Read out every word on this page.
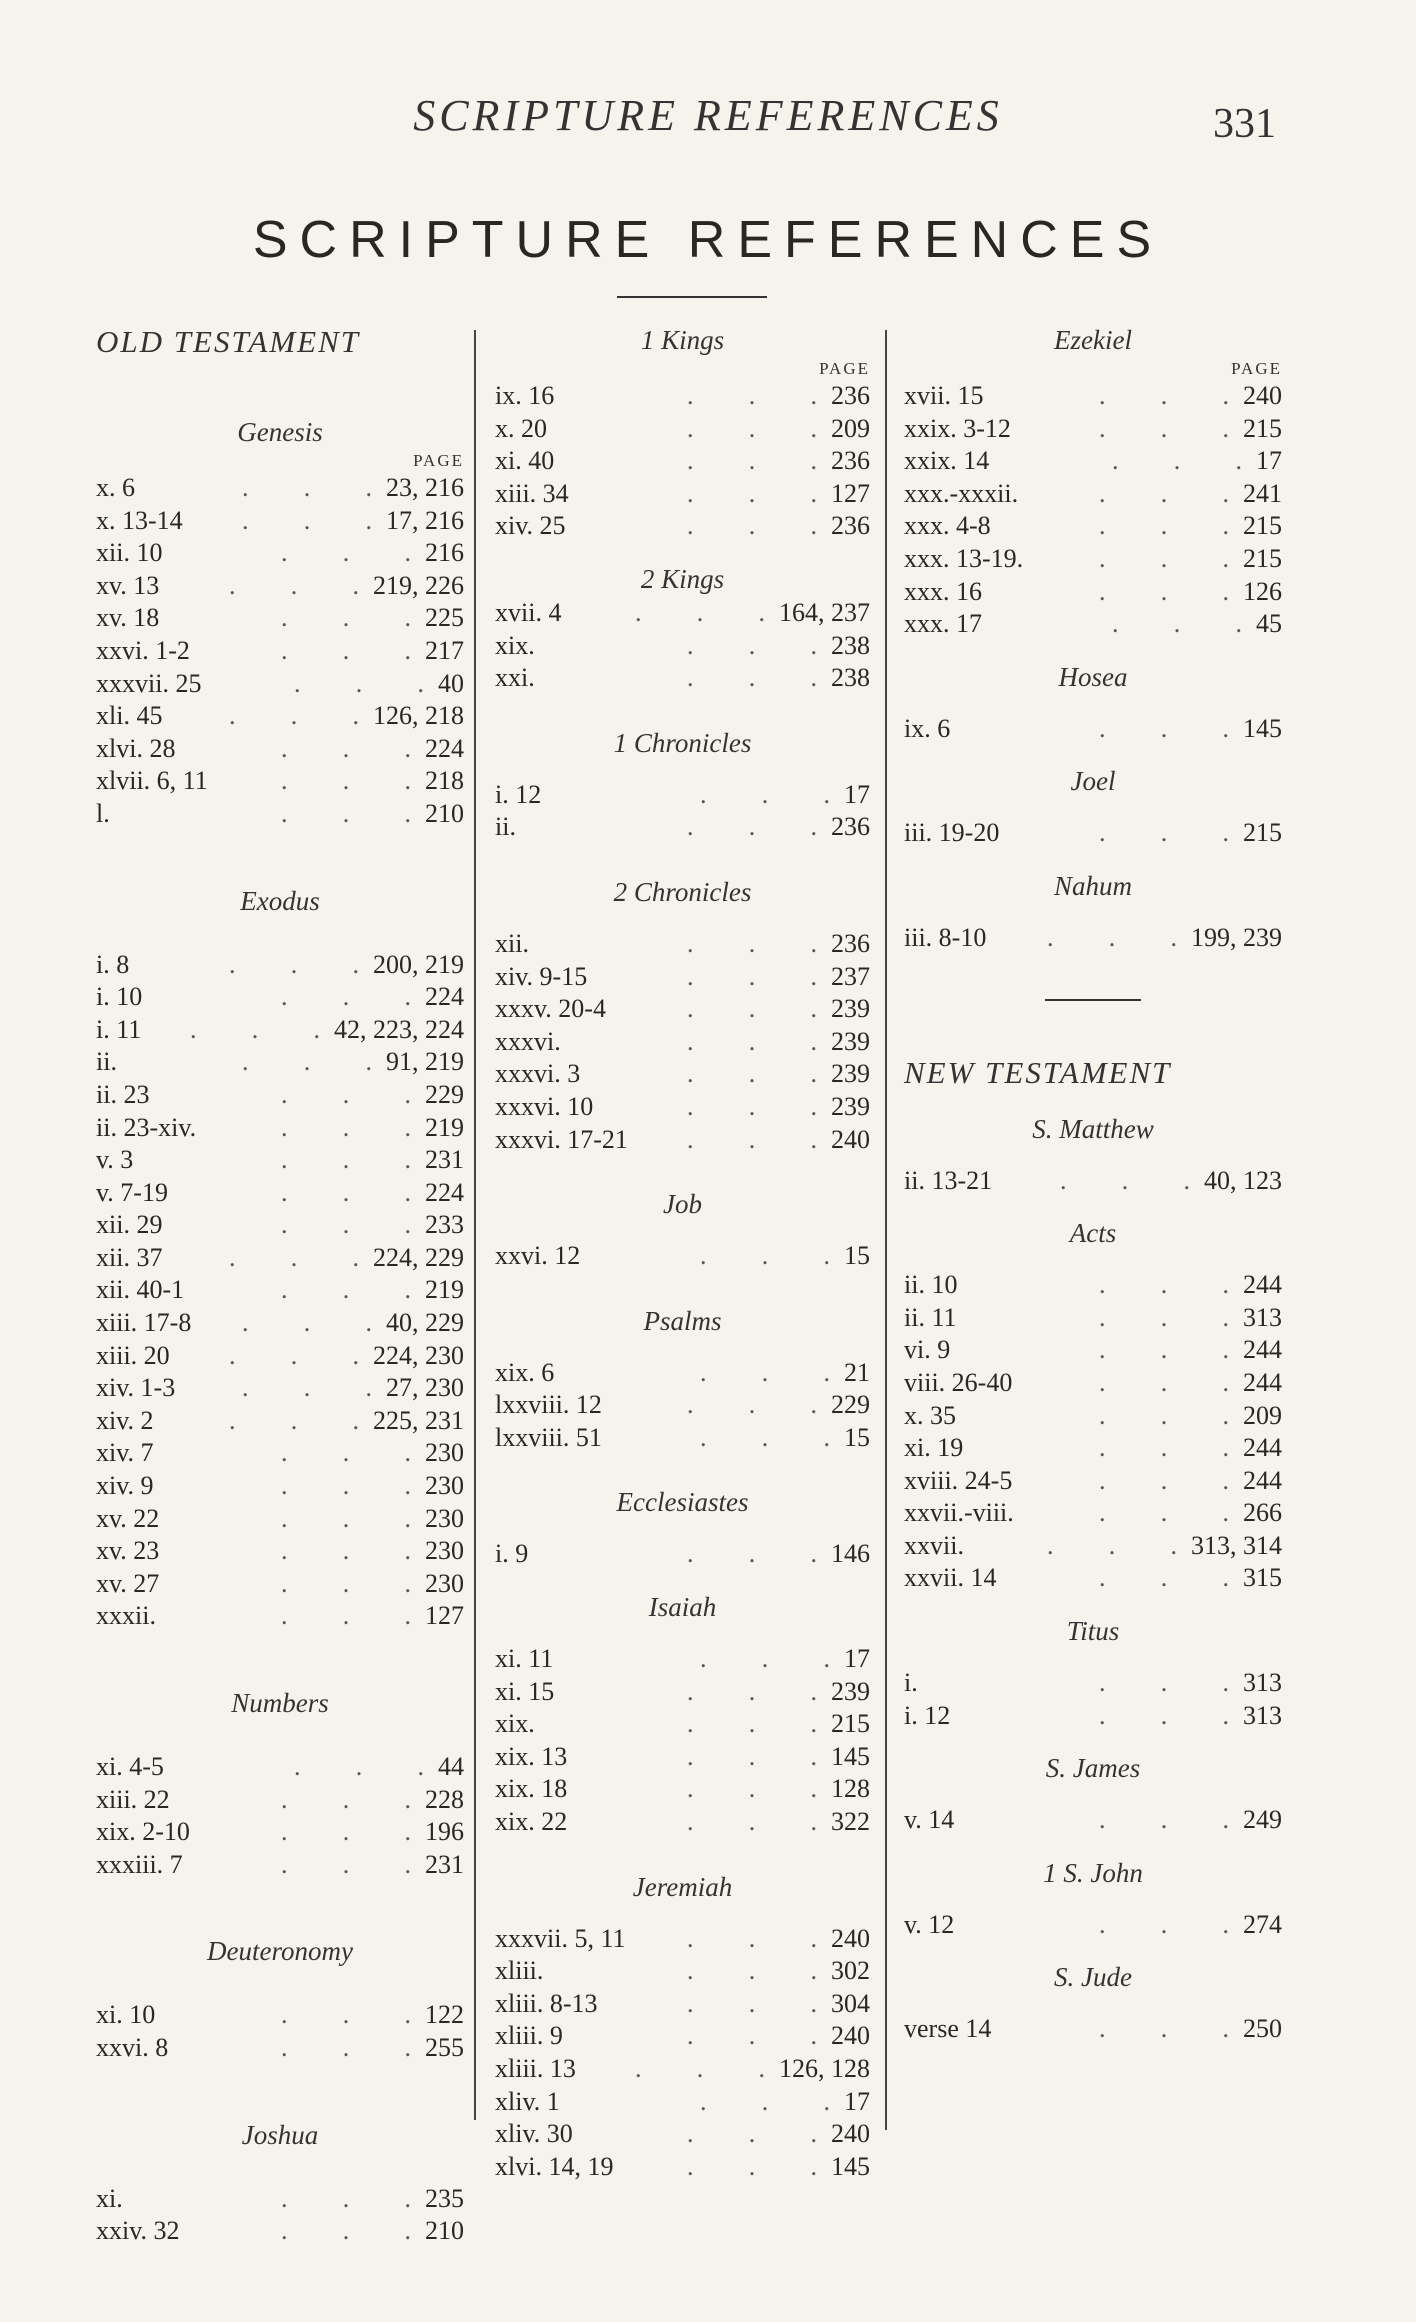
SCRIPTURE REFERENCES	331
SCRIPTURE REFERENCES
OLD TESTAMENT
Genesis
PAGE
x. 6	. . . 23, 216
x. 13-14 . . . 17, 216
xii. 10	. . . 216
xv. 13	. . . 219, 226
xv. 18	. . . 225
xxvi. 1-2	. . . 217
xxxvii. 25	. . . 40
xli. 45	. . . 126, 218
xlvi. 28	. . . 224
xlvii. 6, 11	. . . 218
l.	. . . 210
Exodus
i. 8	. . . 200, 219
i. 10	. . . 224
i. 11 . . . 42, 223, 224
ii.	. . . 91, 219
ii. 23	. . . 229
ii. 23-xiv.	. . . 219
v. 3	. . . 231
v. 7-19	. . . 224
xii. 29	. . . 233
xii. 37	. . . 224, 229
xii. 40-1	. . . 219
xiii. 17-8 . . . 40, 229
xiii. 20 . . . 224, 230
xiv. 1-3	. . . 27, 230
xiv. 2	. . . 225, 231
xiv. 7	. . . 230
xiv. 9	. . . 230
xv. 22	. . . 230
xv. 23	. . . 230
xv. 27	. . . 230
xxxii.	. . . 127
Numbers
xi. 4-5	. . . 44
xiii. 22	. . . 228
xix. 2-10	. . . 196
xxxiii. 7	. . . 231
Deuteronomy
xi. 10	. . . 122
xxvi. 8	. . . 255
Joshua
xi.	. . . 235
xxiv. 32	. . . 210
1 Kings
PAGE
ix. 16	. . . 236
x. 20	. . . 209
xi. 40	. . . 236
xiii. 34	. . . 127
xiv. 25	. . . 236
2 Kings
xvii. 4	. . . 164, 237
xix.	. . . 238
xxi.	. . . 238
1 Chronicles
i. 12	. . . 17
ii.	. . . 236
2 Chronicles
xii.	. . . 236
xiv. 9-15	. . . 237
xxxv. 20-4	. . . 239
xxxvi.	. . . 239
xxxvi. 3	. . . 239
xxxvi. 10	. . . 239
xxxvi. 17-21 . . . 240
Job
xxvi. 12	. . . 15
Psalms
xix. 6	. . . 21
lxxviii. 12	. . . 229
lxxviii. 51	. . . 15
Ecclesiastes
i. 9	. . . 146
Isaiah
xi. 11	. . . 17
xi. 15	. . . 239
xix.	. . . 215
xix. 13	. . . 145
xix. 18	. . . 128
xix. 22	. . . 322
Jeremiah
xxxvii. 5, 11 . . . 240
xliii.	. . . 302
xliii. 8-13	. . . 304
xliii. 9	. . . 240
xliii. 13 . . . 126, 128
xliv. 1	. . . 17
xliv. 30	. . . 240
xlvi. 14, 19	. . . 145
Ezekiel
PAGE
xvii. 15	. . . 240
xxix. 3-12	. . . 215
xxix. 14	. . . 17
xxx.-xxxii.	. . . 241
xxx. 4-8	. . . 215
xxx. 13-19.	. . . 215
xxx. 16	. . . 126
xxx. 17	. . . 45
Hosea
ix. 6	. . . 145
Joel
iii. 19-20	. . . 215
Nahum
iii. 8-10 . . . 199, 239
NEW TESTAMENT
S. Matthew
ii. 13-21	. . . 40, 123
Acts
ii. 10	. . . 244
ii. 11	. . . 313
vi. 9	. . . 244
viii. 26-40	. . . 244
x. 35	. . . 209
xi. 19	. . . 244
xviii. 24-5	. . . 244
xxvii.-viii.	. . . 266
xxvii.	. . . 313, 314
xxvii. 14	. . . 315
Titus
i.	. . . 313
i. 12	. . . 313
S. James
v. 14	. . . 249
1 S. John
v. 12	. . . 274
S. Jude
verse 14	. . . 250
